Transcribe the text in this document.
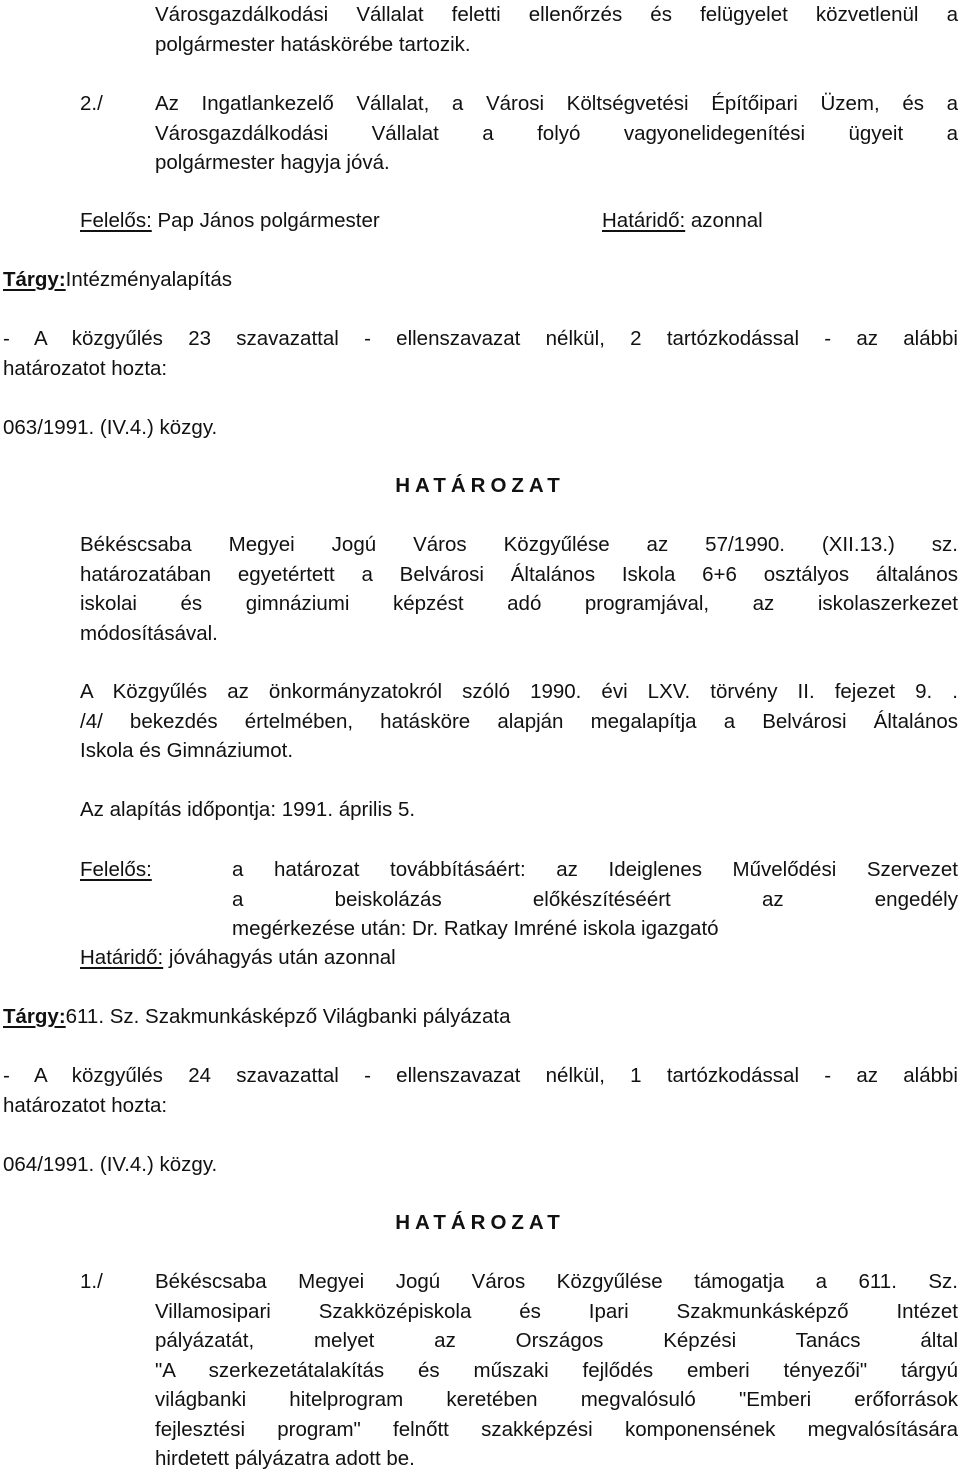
Városgazdálkodási Vállalat feletti ellenőrzés és felügyelet közvetlenül a

polgármester hatáskörébe tartozik.

2./	Az Ingatlankezelő Vállalat, a Városi Költségvetési Építőipari Üzem, és a

Városgazdálkodási Vállalat a folyó vagyonelidegenítési ügyeit a

polgármester hagyja jóvá.

Felelős: Pap János polgármester	Határidő: azonnal
Tárgy:Intézményalapítás

- A közgyűlés 23 szavazattal - ellenszavazat nélkül, 2 tartózkodással - az alábbi

határozatot hozta:

063/1991. (IV.4.) közgy.
HATÁROZAT

Békéscsaba Megyei Jogú Város Közgyűlése az 57/1990. (XII.13.) sz.

határozatában egyetértett a Belvárosi Általános Iskola 6+6 osztályos általános

iskolai és gimnáziumi képzést adó programjával, az iskolaszerkezet

módosításával.

A Közgyűlés az önkormányzatokról szóló 1990. évi LXV. törvény II. fejezet 9. .

/4/ bekezdés értelmében, hatásköre alapján megalapítja a Belvárosi Általános

Iskola és Gimnáziumot.

Az alapítás időpontja: 1991. április 5.
Felelős:	a határozat továbbításáért: az Ideiglenes Művelődési Szervezet

a beiskolázás előkészítéséért az engedély

megérkezése után: Dr. Ratkay Imréné iskola igazgató

Határidő: jóváhagyás után azonnal
Tárgy:611. Sz. Szakmunkásképző Világbanki pályázata

- A közgyűlés 24 szavazattal - ellenszavazat nélkül, 1 tartózkodással - az alábbi

határozatot hozta:

064/1991. (IV.4.) közgy.
HATÁROZAT
1./	Békéscsaba Megyei Jogú Város Közgyűlése támogatja a 611. Sz.

Villamosipari Szakközépiskola és Ipari Szakmunkásképző Intézet

pályázatát, melyet az Országos Képzési Tanács által

"A szerkezetátalakítás és műszaki fejlődés emberi tényezői" tárgyú

világbanki hitelprogram keretében megvalósuló "Emberi erőforrások

fejlesztési program" felnőtt szakképzési komponensének megvalósítására

hirdetett pályázatra adott be.
